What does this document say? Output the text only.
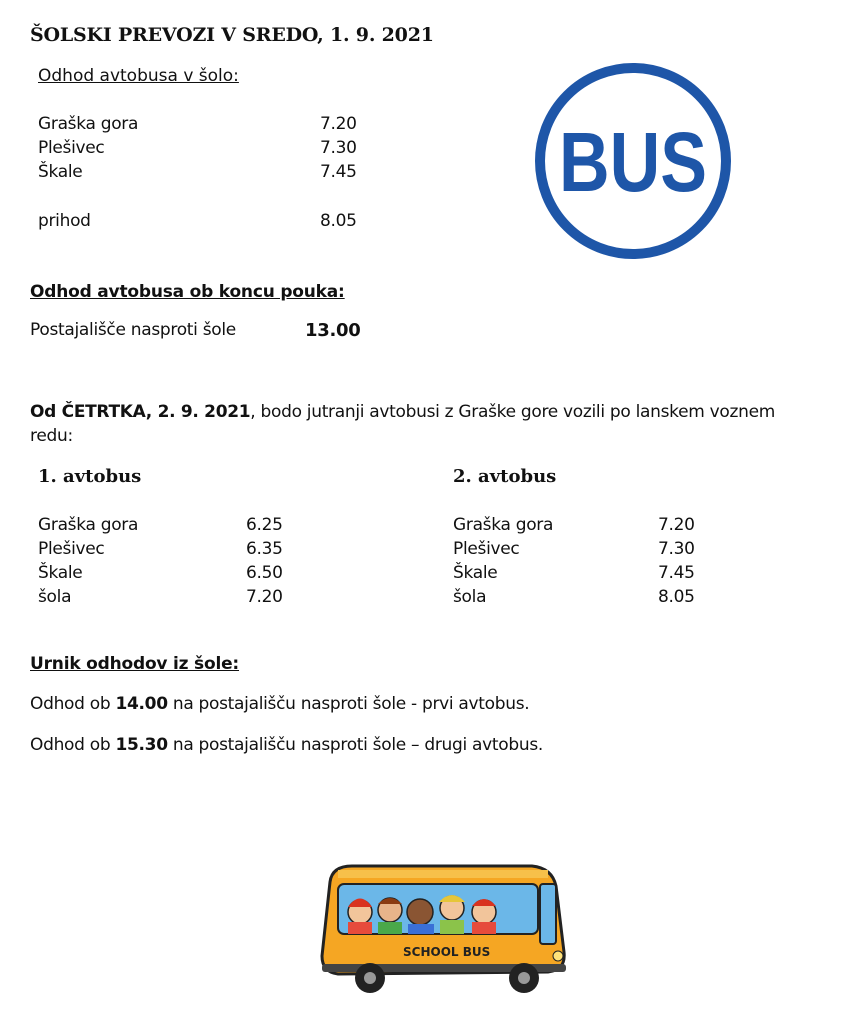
ŠOLSKI PREVOZI V SREDO, 1. 9. 2021
Odhod avtobusa v šolo:
Graška gora	7.20
Plešivec	7.30
Škale	7.45
prihod	8.05
BUS
Odhod avtobusa ob koncu pouka:
Postajališče nasproti šole	13.00
Od ČETRTKA, 2. 9. 2021, bodo jutranji avtobusi z Graške gore vozili po lanskem voznem
redu:
1. avtobus
Graška gora	6.25
Plešivec	6.35
Škale	6.50
šola	7.20
2. avtobus
Graška gora	7.20
Plešivec	7.30
Škale	7.45
šola	8.05
Urnik odhodov iz šole:
Odhod ob 14.00 na postajališču nasproti šole - prvi avtobus.
Odhod ob 15.30 na postajališču nasproti šole – drugi avtobus.
SCHOOL BUS
